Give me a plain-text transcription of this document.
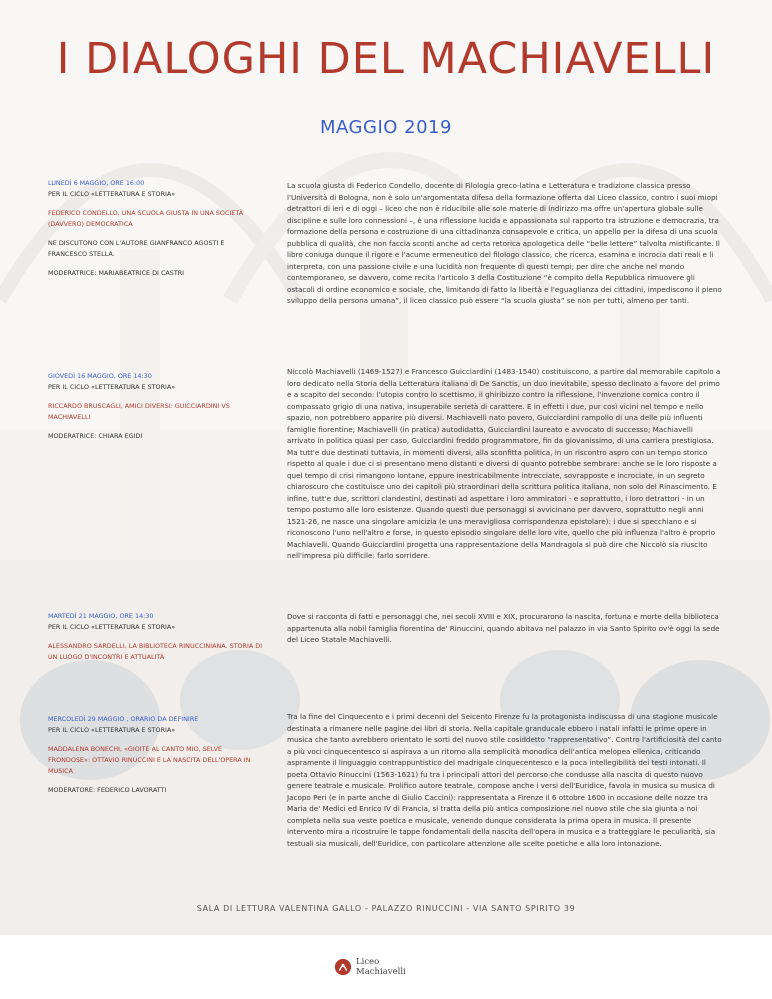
I DIALOGHI DEL MACHIAVELLI
MAGGIO 2019
LUNEDÌ 6 MAGGIO, ORE 16:00
PER IL CICLO «LETTERATURA E STORIA»
FEDERICO CONDELLO, UNA SCUOLA GIUSTA IN UNA SOCIETÀ (DAVVERO) DEMOCRATICA
NE DISCUTONO CON L'AUTORE GIANFRANCO AGOSTI E FRANCESCO STELLA.
MODERATRICE: MARIABEATRICE DI CASTRI
La scuola giusta di Federico Condello, docente di Filologia greco-latina e Letteratura e tradizione classica presso l'Università di Bologna, non è solo un'argomentata difesa della formazione offerta dal Liceo classico, contro i suoi miopi detrattori di ieri e di oggi – liceo che non è riducibile alle sole materie di indirizzo ma offre un'apertura globale sulle discipline e sulle loro connessioni –, è una riflessione lucida e appassionata sul rapporto tra istruzione e democrazia, tra formazione della persona e costruzione di una cittadinanza consapevole e critica, un appello per la difesa di una scuola pubblica di qualità, che non faccia sconti anche ad certa retorica apologetica delle “belle lettere” talvolta mistificante. Il libro coniuga dunque il rigore e l'acume ermeneutico del filologo classico, che ricerca, esamina e incrocia dati reali e li interpreta, con una passione civile e una lucidità non frequente di questi tempi; per dire che anche nel mondo contemporaneo, se davvero, come recita l'articolo 3 della Costituzione “è compito della Repubblica rimuovere gli ostacoli di ordine economico e sociale, che, limitando di fatto la libertà e l'eguaglianza dei cittadini, impediscono il pieno sviluppo della persona umana”, il liceo classico può essere “la scuola giusta” se non per tutti, almeno per tanti.
GIOVEDÌ 16 MAGGIO, ORE 14:30
PER IL CICLO «LETTERATURA E STORIA»
RICCARDO BRUSCAGLI, AMICI DIVERSI: GUICCIARDINI VS MACHIAVELLI
MODERATRICE: CHIARA EGIDI
Niccolò Machiavelli (1469-1527) e Francesco Guicciardini (1483-1540) costituiscono, a partire dal memorabile capitolo a loro dedicato nella Storia della Letteratura italiana di De Sanctis, un duo inevitabile, spesso declinato a favore del primo e a scapito del secondo: l'utopia contro lo scettismo, il ghiribizzo contro la riflessione, l'invenzione comica contro il compassato grigio di una nativa, insuperabile serietà di carattere. E in effetti i due, pur così vicini nel tempo e nello spazio, non potrebbero apparire più diversi. Machiavelli nato povero, Guicciardini rampollo di una delle più influenti famiglie fiorentine; Machiavelli (in pratica) autodidatta, Guicciardini laureato e avvocato di successo; Machiavelli arrivato in politica quasi per caso, Guicciardini freddo programmatore, fin da giovanissimo, di una carriera prestigiosa. Ma tutt'e due destinati tuttavia, in momenti diversi, alla sconfitta politica, in un riscontro aspro con un tempo storico rispetto al quale i due ci si presentano meno distanti e diversi di quanto potrebbe sembrare: anche se le loro risposte a quel tempo di crisi rimangono lontane, eppure inestricabilmente intrecciate, sovrapposte e incrociate, in un segreto chiaroscuro che costituisce uno dei capitoli più straordinari della scrittura politica italiana, non solo del Rinascimento. E infine, tutt'e due, scrittori clandestini, destinati ad aspettare i loro ammiratori - e soprattutto, i loro detrattori - in un tempo postumo alle loro esistenze. Quando questi due personaggi si avvicinano per davvero, soprattutto negli anni 1521-26, ne nasce una singolare amicizia (e una meravigliosa corrispondenza epistolare): i due si specchiano e si riconoscono l'uno nell'altro e forse, in questo episodio singolare delle loro vite, quello che più influenza l'altro è proprio Machiavelli. Quando Guicciardini progetta una rappresentazione della Mandragola si può dire che Niccolò sia riuscito nell'impresa più difficile: farlo sorridere.
MARTEDÌ 21 MAGGIO, ORE 14:30
PER IL CICLO «LETTERATURA E STORIA»
ALESSANDRO SARDELLI, LA BIBLIOTECA RINUCCINIANA. STORIA DI UN LUOGO D'INCONTRI E ATTUALITÀ
Dove si racconta di fatti e personaggi che, nei secoli XVIII e XIX, procurarono la nascita, fortuna e morte della biblioteca appartenuta alla nobil famiglia fiorentina de' Rinuccini, quando abitava nel palazzo in via Santo Spirito ov'è oggi la sede del Liceo Statale Machiavelli.
MERCOLEDÌ 29 MAGGIO , ORARIO DA DEFINIRE
PER IL CICLO «LETTERATURA E STORIA»
MADDALENA BONECHI, «GIOITE AL CANTO MIO, SELVE FRONDOSE»: OTTAVIO RINUCCINI E LA NASCITA DELL'OPERA IN MUSICA
MODERATORE: FEDERICO LAVORATTI
Tra la fine del Cinquecento e i primi decenni del Seicento Firenze fu la protagonista indiscussa di una stagione musicale destinata a rimanere nelle pagine dei libri di storia. Nella capitale granducale ebbero i natali infatti le prime opere in musica che tanto avrebbero orientato le sorti del nuovo stile cosiddetto “rappresentativo”. Contro l'artificiosità del canto a più voci cinquecentesco si aspirava a un ritorno alla semplicità monodica dell'antica melopea ellenica, criticando aspramente il linguaggio contrappuntistico del madrigale cinquecentesco e la poca intellegibilità dei testi intonati. Il poeta Ottavio Rinuccini (1563-1621) fu tra i principali attori del percorso che condusse alla nascita di questo nuovo genere teatrale e musicale. Prolifico autore teatrale, compose anche i versi dell'Euridice, favola in musica su musica di Jacopo Peri (e in parte anche di Giulio Caccini): rappresentata a Firenze il 6 ottobre 1600 in occasione delle nozze tra Maria de' Medici ed Enrico IV di Francia, si tratta della più antica composizione nel nuovo stile che sia giunta a noi completa nella sua veste poetica e musicale, venendo dunque considerata la prima opera in musica. Il presente intervento mira a ricostruire le tappe fondamentali della nascita dell'opera in musica e a tratteggiare le peculiarità, sia testuali sia musicali, dell'Euridice, con particolare attenzione alle scelte poetiche e alla loro intonazione.
SALA DI LETTURA VALENTINA GALLO - PALAZZO RINUCCINI - VIA SANTO SPIRITO 39
Liceo
Machiavelli
